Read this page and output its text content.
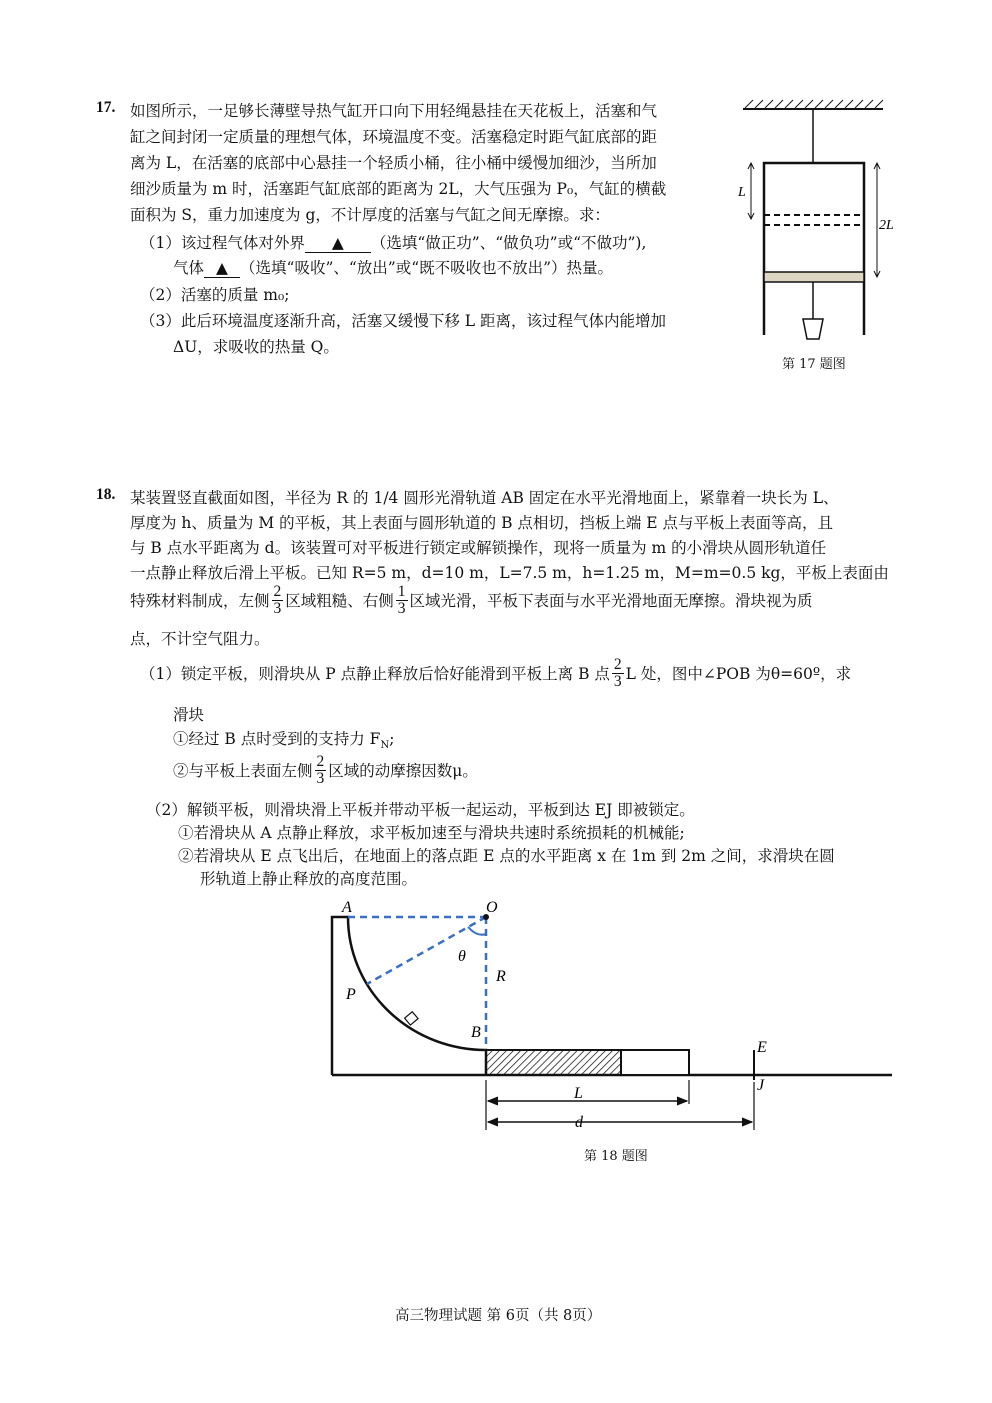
17. 如图所示，一足够长薄壁导热气缸开口向下用轻绳悬挂在天花板上，活塞和气
缸之间封闭一定质量的理想气体，环境温度不变。活塞稳定时距气缸底部的距
离为 L，在活塞的底部中心悬挂一个轻质小桶，往小桶中缓慢加细沙，当所加
细沙质量为 m 时，活塞距气缸底部的距离为 2L，大气压强为 P₀，气缸的横截
面积为 S，重力加速度为 g，不计厚度的活塞与气缸之间无摩擦。求：
（1）该过程气体对外界 ▲ （选填“做正功”、“做负功”或“不做功”),
气体 ▲ （选填“吸收”、“放出”或“既不吸收也不放出”）热量。
（2）活塞的质量 m₀;
（3）此后环境温度逐渐升高，活塞又缓慢下移 L 距离，该过程气体内能增加
ΔU，求吸收的热量 Q。
L
2L
第 17 题图
18. 某装置竖直截面如图，半径为 R 的 1/4 圆形光滑轨道 AB 固定在水平光滑地面上，紧靠着一块长为 L、
厚度为 h、质量为 M 的平板，其上表面与圆形轨道的 B 点相切，挡板上端 E 点与平板上表面等高，且
与 B 点水平距离为 d。该装置可对平板进行锁定或解锁操作，现将一质量为 m 的小滑块从圆形轨道任
一点静止释放后滑上平板。已知 R=5 m，d=10 m，L=7.5 m，h=1.25 m，M=m=0.5 kg，平板上表面由
特殊材料制成，左侧 $\frac{2}{3}$ 区域粗糙、右侧 $\frac{1}{3}$ 区域光滑，平板下表面与水平光滑地面无摩擦。滑块视为质
点，不计空气阻力。
（1）锁定平板，则滑块从 P 点静止释放后恰好能滑到平板上离 B 点 $\frac{2}{3}$ L 处，图中∠POB 为θ=60º，求
滑块
①经过 B 点时受到的支持力 $F_N$;
②与平板上表面左侧 $\frac{2}{3}$ 区域的动摩擦因数μ。
（2）解锁平板，则滑块滑上平板并带动平板一起运动，平板到达 EJ 即被锁定。
①若滑块从 A 点静止释放，求平板加速至与滑块共速时系统损耗的机械能;
②若滑块从 E 点飞出后，在地面上的落点距 E 点的水平距离 x 在 1m 到 2m 之间，求滑块在圆
形轨道上静止释放的高度范围。
A	O
θ
R
P
B
E
J
L
d
第 18 题图
高三物理试题 第 6页（共 8页）
